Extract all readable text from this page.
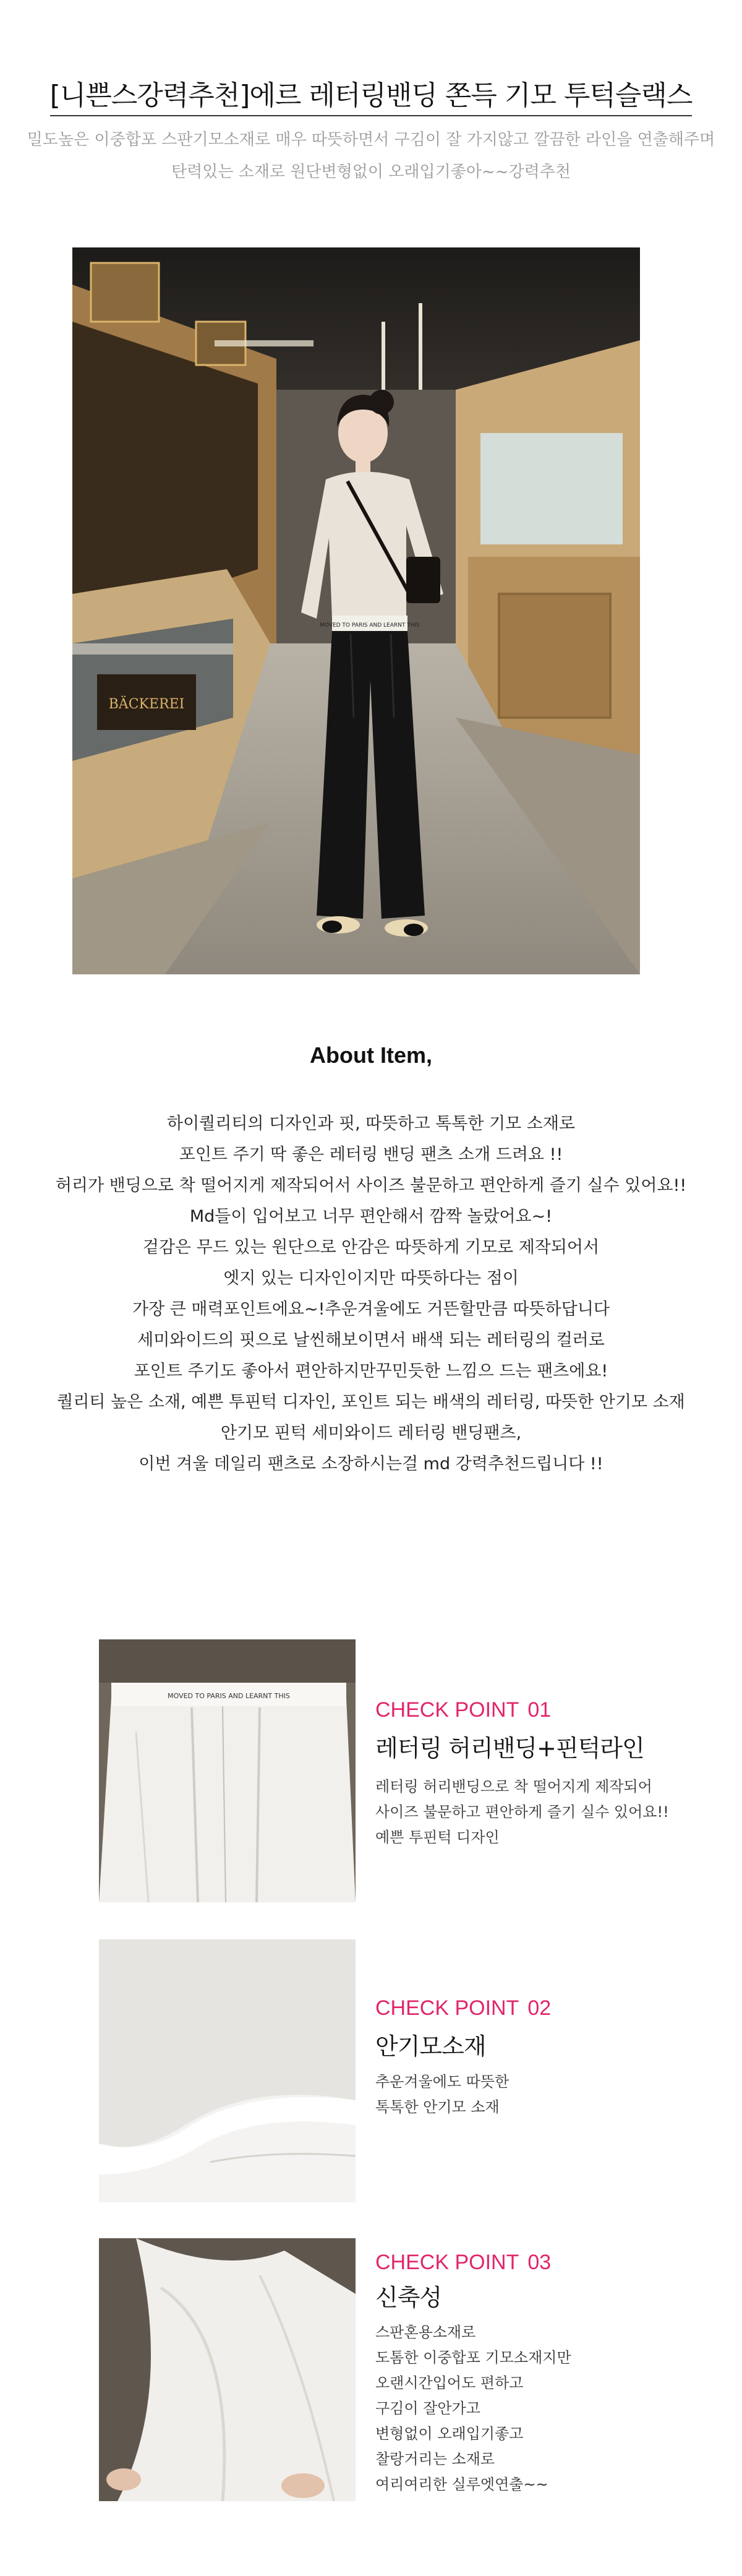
[니쁜스강력추천]에르 레터링밴딩 쫀득 기모 투턱슬랙스
밀도높은 이중합포 스판기모소재로 매우 따뜻하면서 구김이 잘 가지않고 깔끔한 라인을 연출해주며
탄력있는 소재로 원단변형없이 오래입기좋아~~강력추천
BÄCKEREI
MOVED TO PARIS AND LEARNT THIS
About Item,
하이퀄리티의 디자인과 핏, 따뜻하고 톡톡한 기모 소재로
포인트 주기 딱 좋은 레터링 밴딩 팬츠 소개 드려요 !!
허리가 밴딩으로 착 떨어지게 제작되어서 사이즈 불문하고 편안하게 즐기 실수 있어요!!
Md들이 입어보고 너무 편안해서 깜짝 놀랐어요~!
겉감은 무드 있는 원단으로 안감은 따뜻하게 기모로 제작되어서
엣지 있는 디자인이지만 따뜻하다는 점이
가장 큰 매력포인트에요~!추운겨울에도 거뜬할만큼 따뜻하답니다
세미와이드의 핏으로 날씬해보이면서 배색 되는 레터링의 컬러로
포인트 주기도 좋아서 편안하지만꾸민듯한 느낌으 드는 팬츠에요!
퀄리티 높은 소재, 예쁜 투핀턱 디자인, 포인트 되는 배색의 레터링, 따뜻한 안기모 소재
안기모 핀턱 세미와이드 레터링 밴딩팬츠,
이번 겨울 데일리 팬츠로 소장하시는걸 md 강력추천드립니다 !!
MOVED TO PARIS AND LEARNT THIS
CHECK POINT 01
레터링 허리밴딩+핀턱라인
레터링 허리밴딩으로 착 떨어지게 제작되어
사이즈 불문하고 편안하게 즐기 실수 있어요!!
예쁜 투핀턱 디자인
CHECK POINT 02
안기모소재
추운겨울에도 따뜻한
톡톡한 안기모 소재
CHECK POINT 03
신축성
스판혼용소재로
도톰한 이중합포 기모소재지만
오랜시간입어도 편하고
구김이 잘안가고
변형없이 오래입기좋고
찰랑거리는 소재로
여리여리한 실루엣연출~~
